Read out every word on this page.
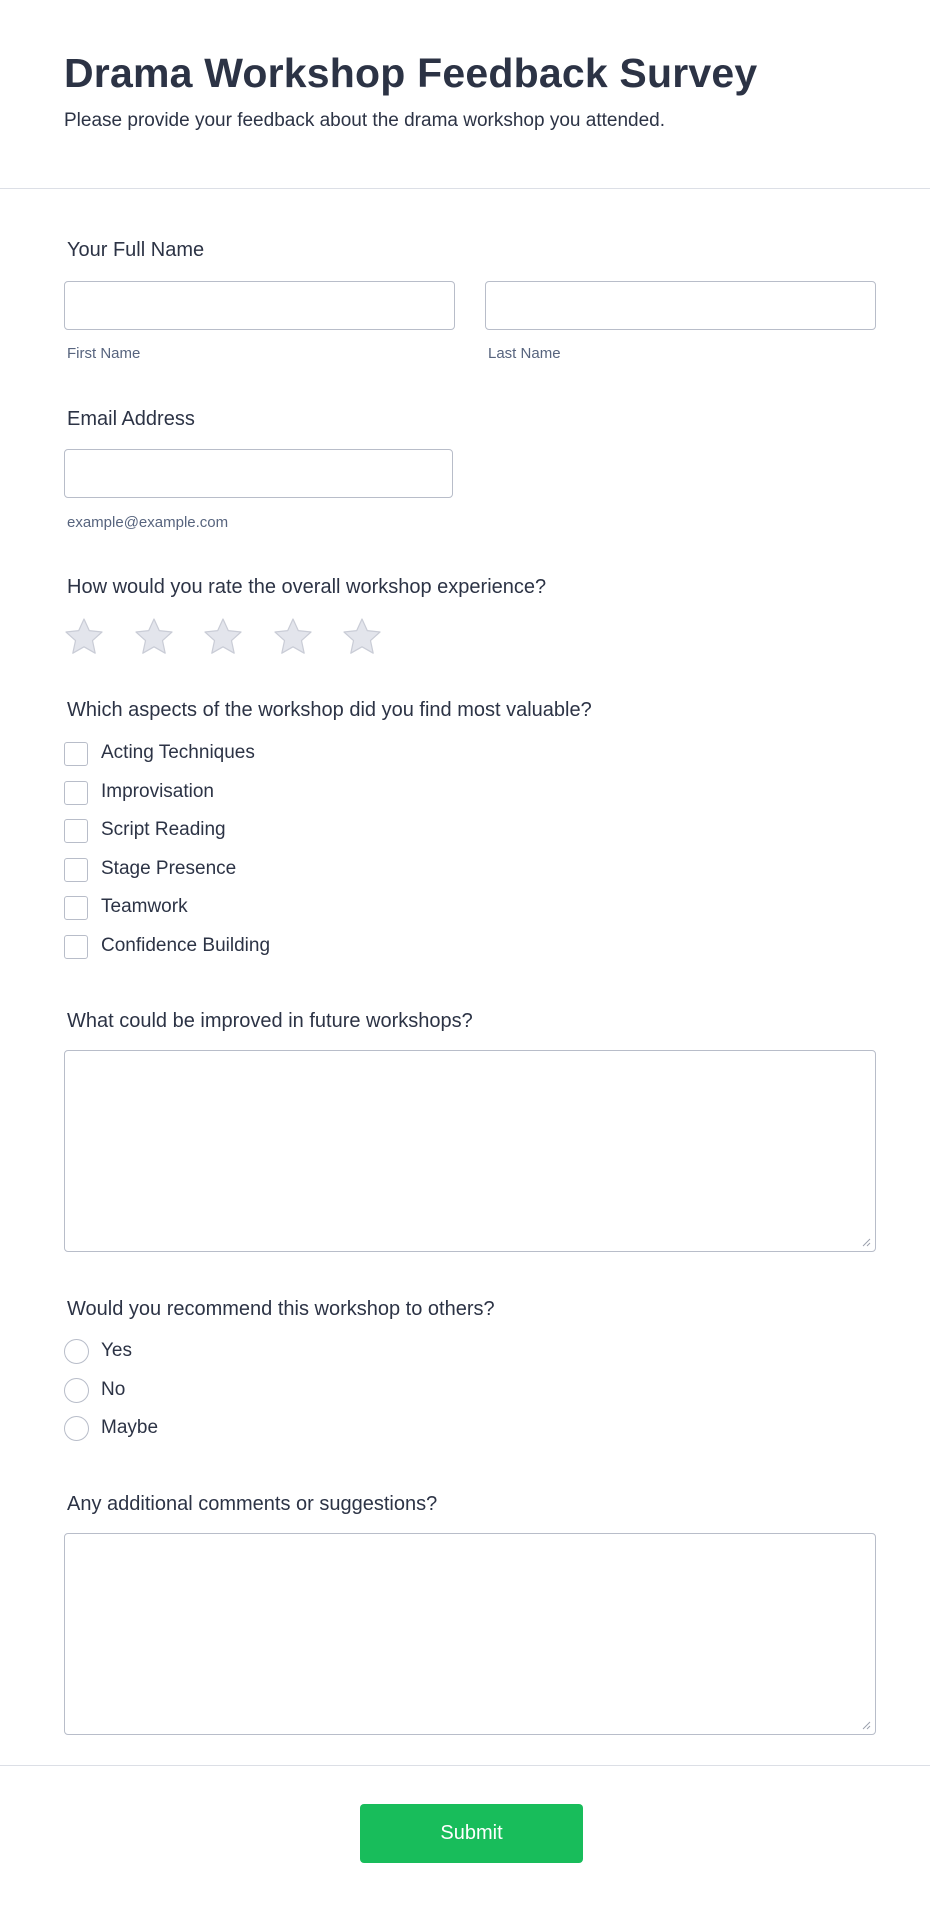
Drama Workshop Feedback Survey

Please provide your feedback about the drama workshop you attended.

Your Full Name
First Name	Last Name
Email Address
example@example.com
How would you rate the overall workshop experience?
Which aspects of the workshop did you find most valuable?
Acting Techniques
Improvisation
Script Reading
Stage Presence
Teamwork
Confidence Building
What could be improved in future workshops?
Would you recommend this workshop to others?
Yes
No
Maybe
Any additional comments or suggestions?
Submit
